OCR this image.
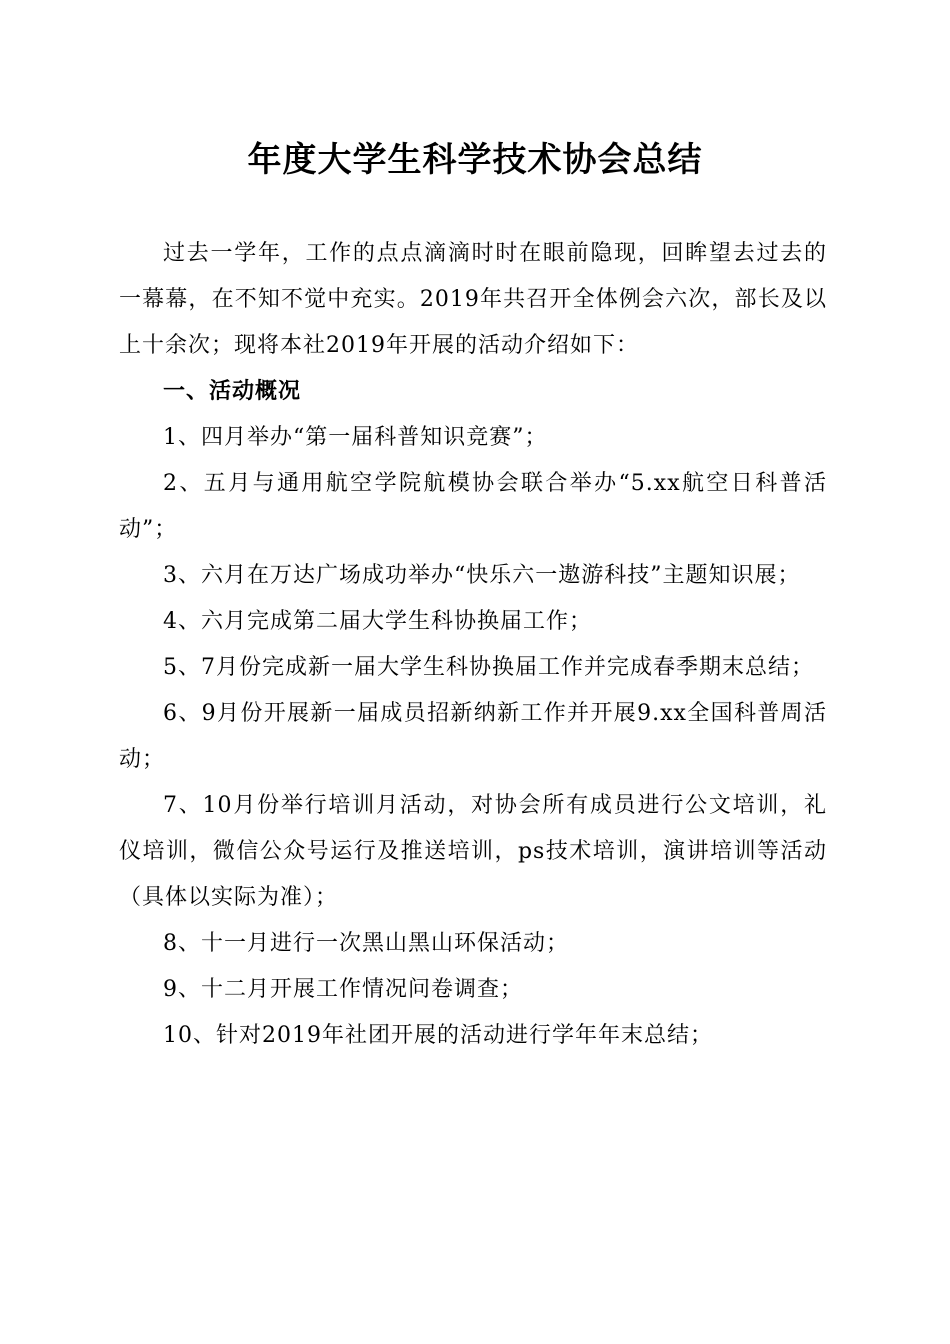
年度大学生科学技术协会总结

过去一学年，工作的点点滴滴时时在眼前隐现，回眸望去过去的一幕幕，在不知不觉中充实。2019年共召开全体例会六次，部长及以上十余次；现将本社2019年开展的活动介绍如下：

一、活动概况

1、四月举办“第一届科普知识竞赛”；

2、五月与通用航空学院航模协会联合举办“5.xx航空日科普活动”；

3、六月在万达广场成功举办“快乐六一遨游科技”主题知识展；

4、六月完成第二届大学生科协换届工作；

5、7月份完成新一届大学生科协换届工作并完成春季期末总结；

6、9月份开展新一届成员招新纳新工作并开展9.xx全国科普周活动；

7、10月份举行培训月活动，对协会所有成员进行公文培训，礼仪培训，微信公众号运行及推送培训，ps技术培训，演讲培训等活动（具体以实际为准）；

8、十一月进行一次黑山黑山环保活动；

9、十二月开展工作情况问卷调查；

10、针对2019年社团开展的活动进行学年年末总结；
